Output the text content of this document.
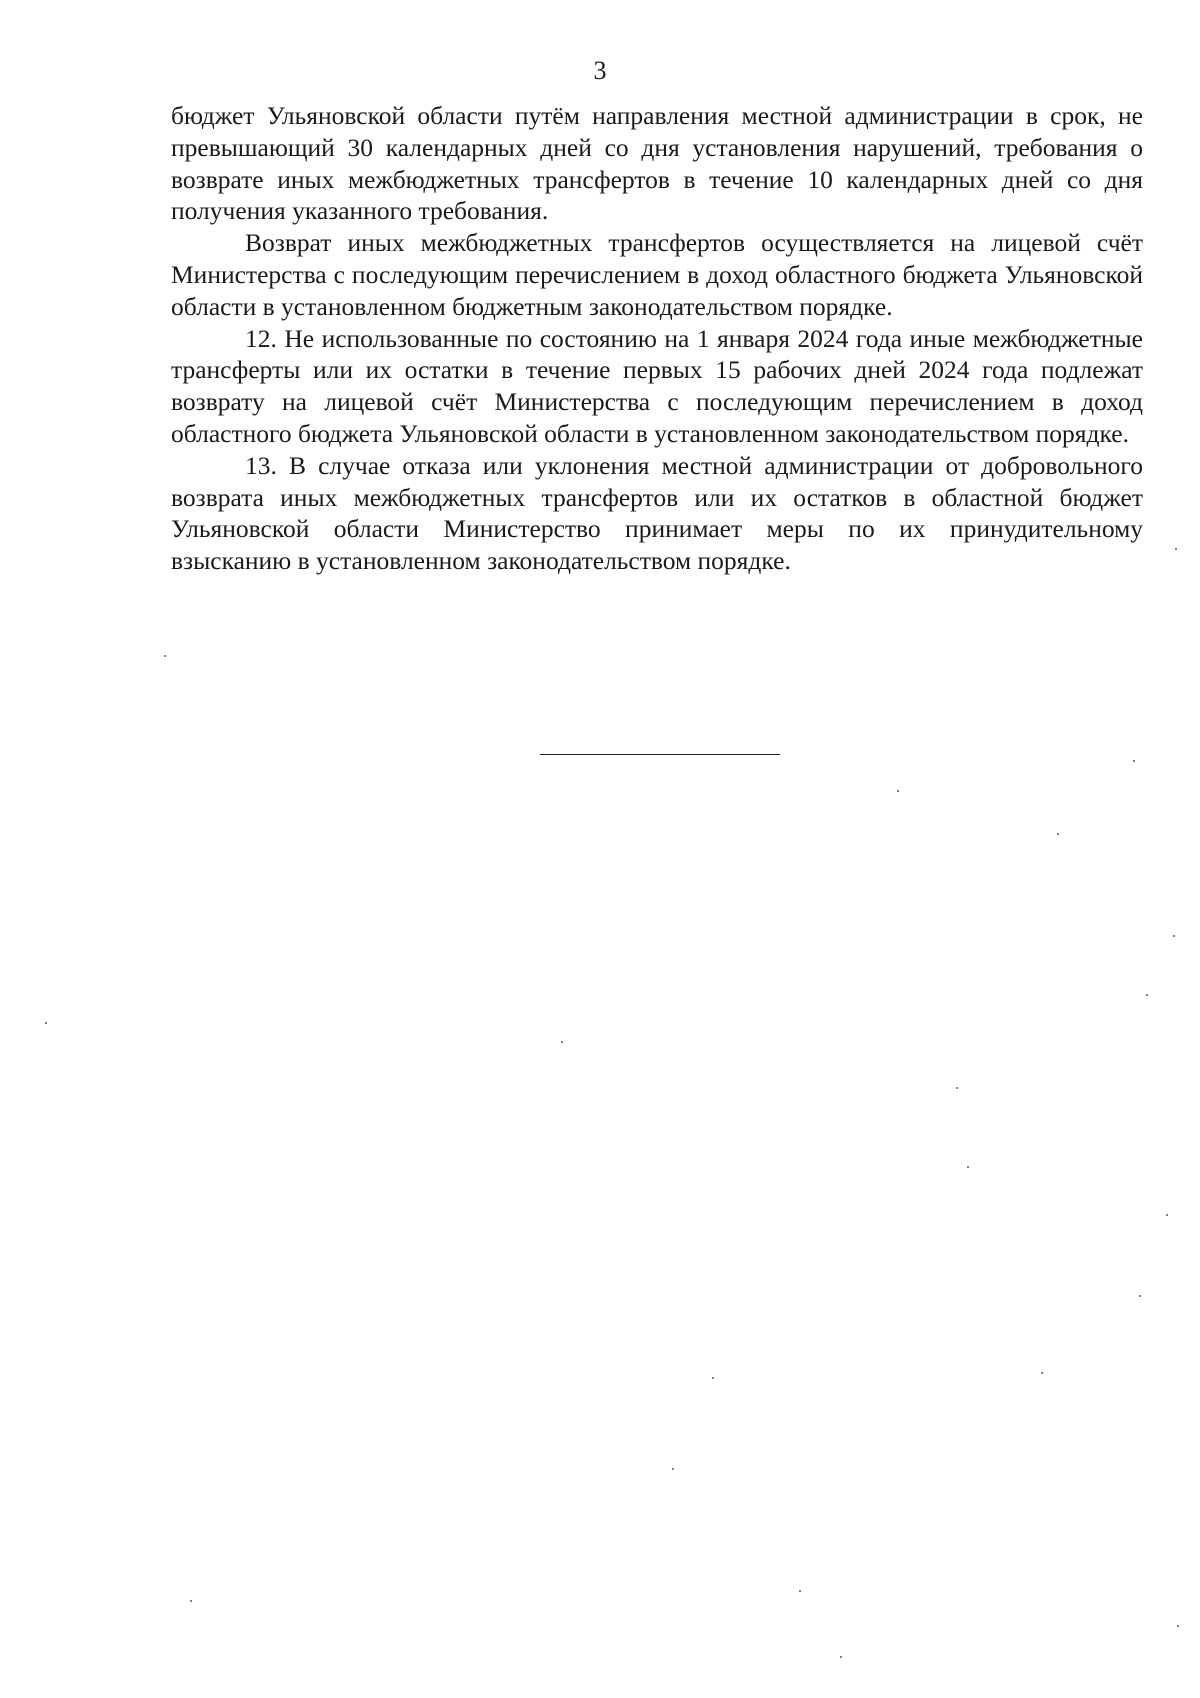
3

бюджет Ульяновской области путём направления местной администрации в срок, не превышающий 30 календарных дней со дня установления нарушений, требования о возврате иных межбюджетных трансфертов в течение 10 календарных дней со дня получения указанного требования.

Возврат иных межбюджетных трансфертов осуществляется на лицевой счёт Министерства с последующим перечислением в доход областного бюджета Ульяновской области в установленном бюджетным законодательством порядке.

12. Не использованные по состоянию на 1 января 2024 года иные межбюджетные трансферты или их остатки в течение первых 15 рабочих дней 2024 года подлежат возврату на лицевой счёт Министерства с последующим перечислением в доход областного бюджета Ульяновской области в установленном законодательством порядке.

13. В случае отказа или уклонения местной администрации от добровольного возврата иных межбюджетных трансфертов или их остатков в областной бюджет Ульяновской области Министерство принимает меры по их принудительному взысканию в установленном законодательством порядке.
